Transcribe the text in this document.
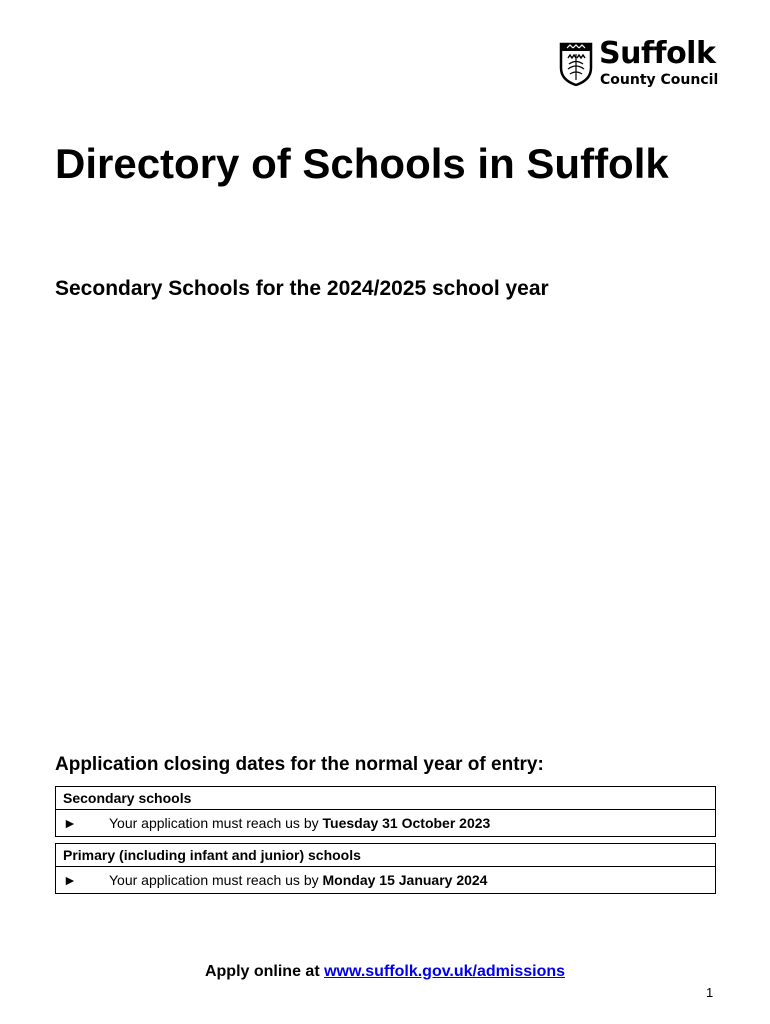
Suffolk
County Council
Directory of Schools in Suffolk
Secondary Schools for the 2024/2025 school year
Application closing dates for the normal year of entry:
Secondary schools
► Your application must reach us by Tuesday 31 October 2023
Primary (including infant and junior) schools
► Your application must reach us by Monday 15 January 2024
Apply online at www.suffolk.gov.uk/admissions
1
